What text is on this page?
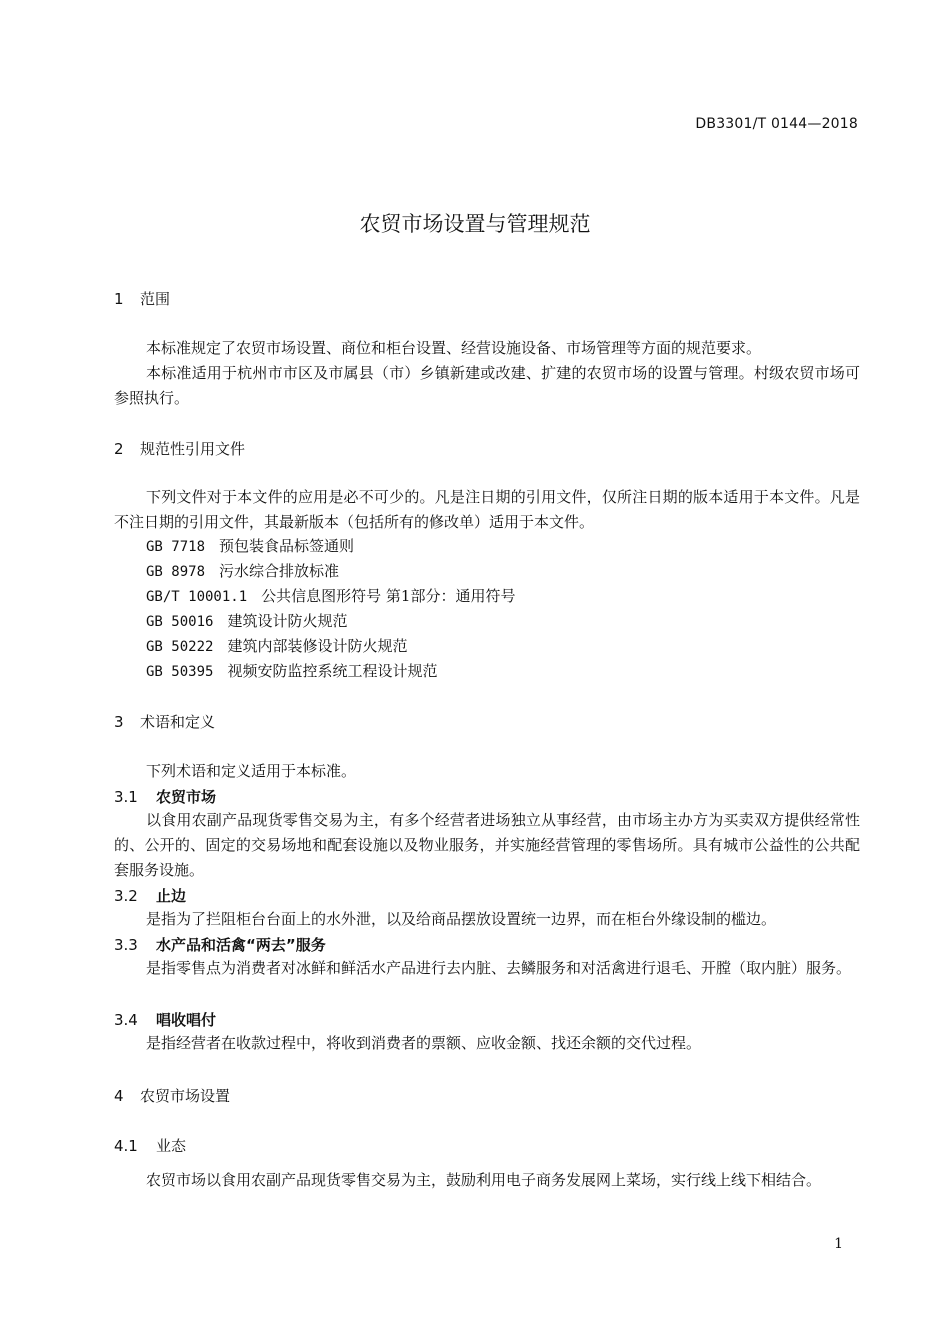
DB3301/T 0144—2018
农贸市场设置与管理规范
1 范围
本标准规定了农贸市场设置、商位和柜台设置、经营设施设备、市场管理等方面的规范要求。
本标准适用于杭州市市区及市属县（市）乡镇新建或改建、扩建的农贸市场的设置与管理。村级农贸市场可参照执行。
2 规范性引用文件
下列文件对于本文件的应用是必不可少的。凡是注日期的引用文件，仅所注日期的版本适用于本文件。凡是不注日期的引用文件，其最新版本（包括所有的修改单）适用于本文件。
GB 7718 预包装食品标签通则
GB 8978 污水综合排放标准
GB/T 10001.1 公共信息图形符号 第1部分：通用符号
GB 50016 建筑设计防火规范
GB 50222 建筑内部装修设计防火规范
GB 50395 视频安防监控系统工程设计规范
3 术语和定义
下列术语和定义适用于本标准。
3.1 农贸市场
以食用农副产品现货零售交易为主，有多个经营者进场独立从事经营，由市场主办方为买卖双方提供经常性的、公开的、固定的交易场地和配套设施以及物业服务，并实施经营管理的零售场所。具有城市公益性的公共配套服务设施。
3.2 止边
是指为了拦阻柜台台面上的水外泄，以及给商品摆放设置统一边界，而在柜台外缘设制的槛边。
3.3 水产品和活禽“两去”服务
是指零售点为消费者对冰鲜和鲜活水产品进行去内脏、去鳞服务和对活禽进行退毛、开膛（取内脏）服务。
3.4 唱收唱付
是指经营者在收款过程中，将收到消费者的票额、应收金额、找还余额的交代过程。
4 农贸市场设置
4.1 业态
农贸市场以食用农副产品现货零售交易为主，鼓励利用电子商务发展网上菜场，实行线上线下相结合。
1
